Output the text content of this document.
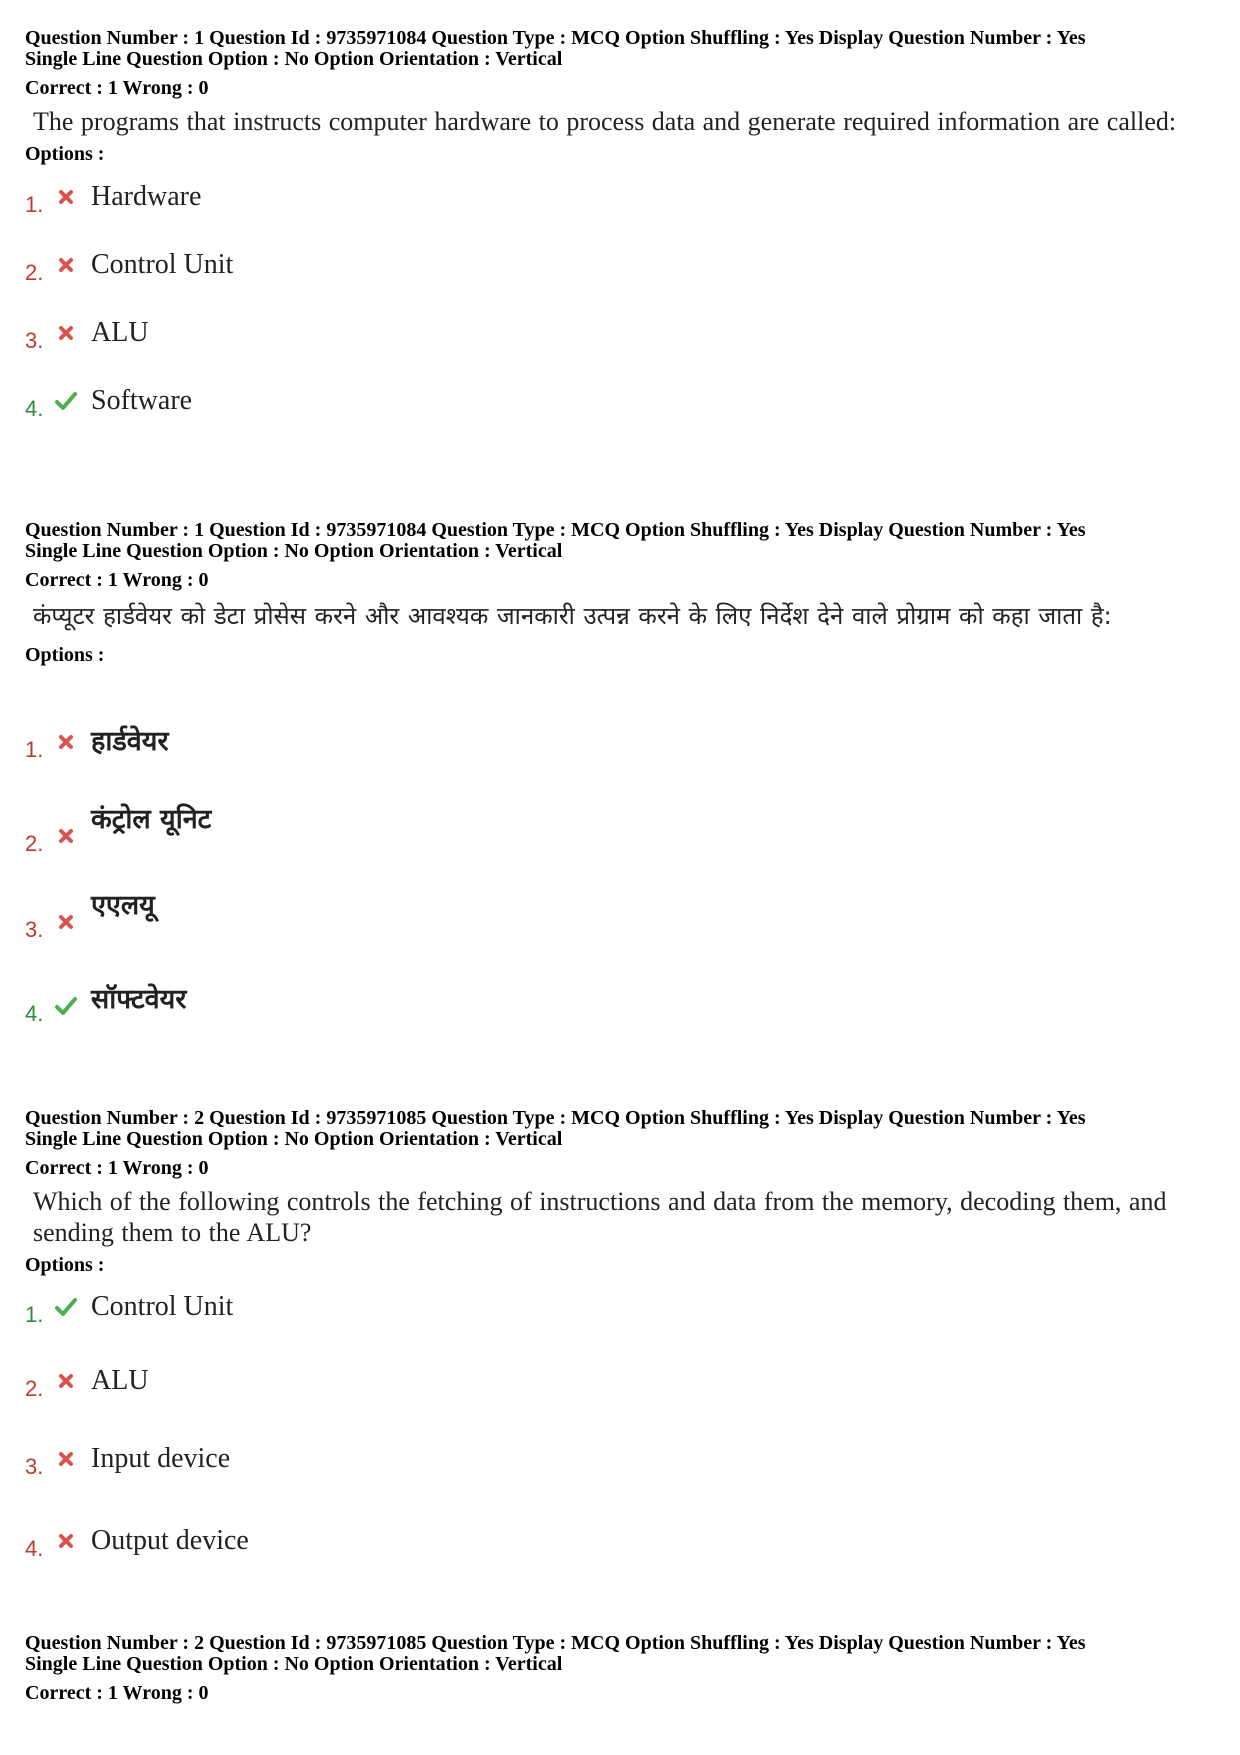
Question Number : 1 Question Id : 9735971084 Question Type : MCQ Option Shuffling : Yes Display Question Number : Yes
Single Line Question Option : No Option Orientation : Vertical
Correct : 1 Wrong : 0
The programs that instructs computer hardware to process data and generate required information are called:
Options :
1. Hardware
2. Control Unit
3. ALU
4. Software
Question Number : 1 Question Id : 9735971084 Question Type : MCQ Option Shuffling : Yes Display Question Number : Yes
Single Line Question Option : No Option Orientation : Vertical
Correct : 1 Wrong : 0
कंप्यूटर हार्डवेयर को डेटा प्रोसेस करने और आवश्यक जानकारी उत्पन्न करने के लिए निर्देश देने वाले प्रोग्राम को कहा जाता है:
Options :
1. हार्डवेयर
2.
कंट्रोल यूनिट
3.
एएलयू
4. सॉफ्टवेयर
Question Number : 2 Question Id : 9735971085 Question Type : MCQ Option Shuffling : Yes Display Question Number : Yes
Single Line Question Option : No Option Orientation : Vertical
Correct : 1 Wrong : 0
Which of the following controls the fetching of instructions and data from the memory, decoding them, and sending them to the ALU?
Options :
1. Control Unit
2. ALU
3. Input device
4. Output device
Question Number : 2 Question Id : 9735971085 Question Type : MCQ Option Shuffling : Yes Display Question Number : Yes
Single Line Question Option : No Option Orientation : Vertical
Correct : 1 Wrong : 0
